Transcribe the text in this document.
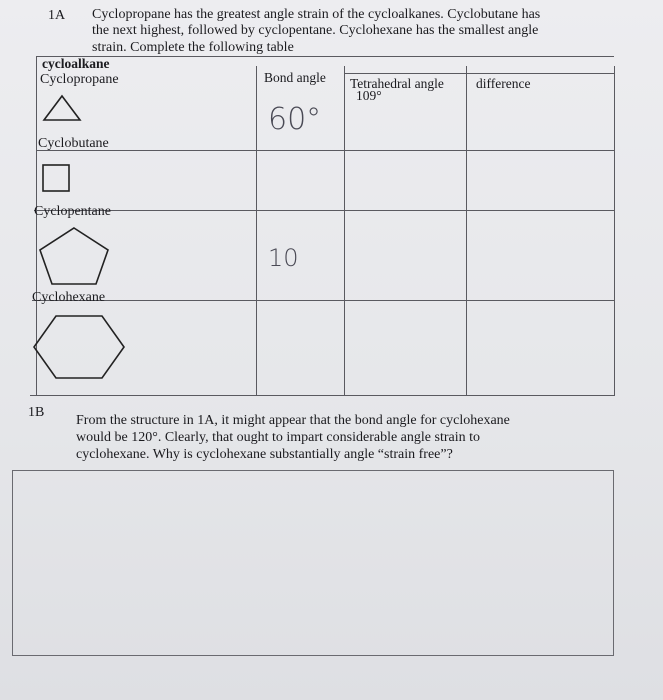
1A Cyclopropane has the greatest angle strain of the cycloalkanes. Cyclobutane has
the next highest, followed by cyclopentane. Cyclohexane has the smallest angle
strain. Complete the following table
cycloalkane
Bond angle Tetrahedral angle difference
Cyclopropane
60°
109°
Cyclobutane
Cyclopentane
10
Cyclohexane
1B
From the structure in 1A, it might appear that the bond angle for cyclohexane
would be 120°. Clearly, that ought to impart considerable angle strain to
cyclohexane. Why is cyclohexane substantially angle “strain free”?
